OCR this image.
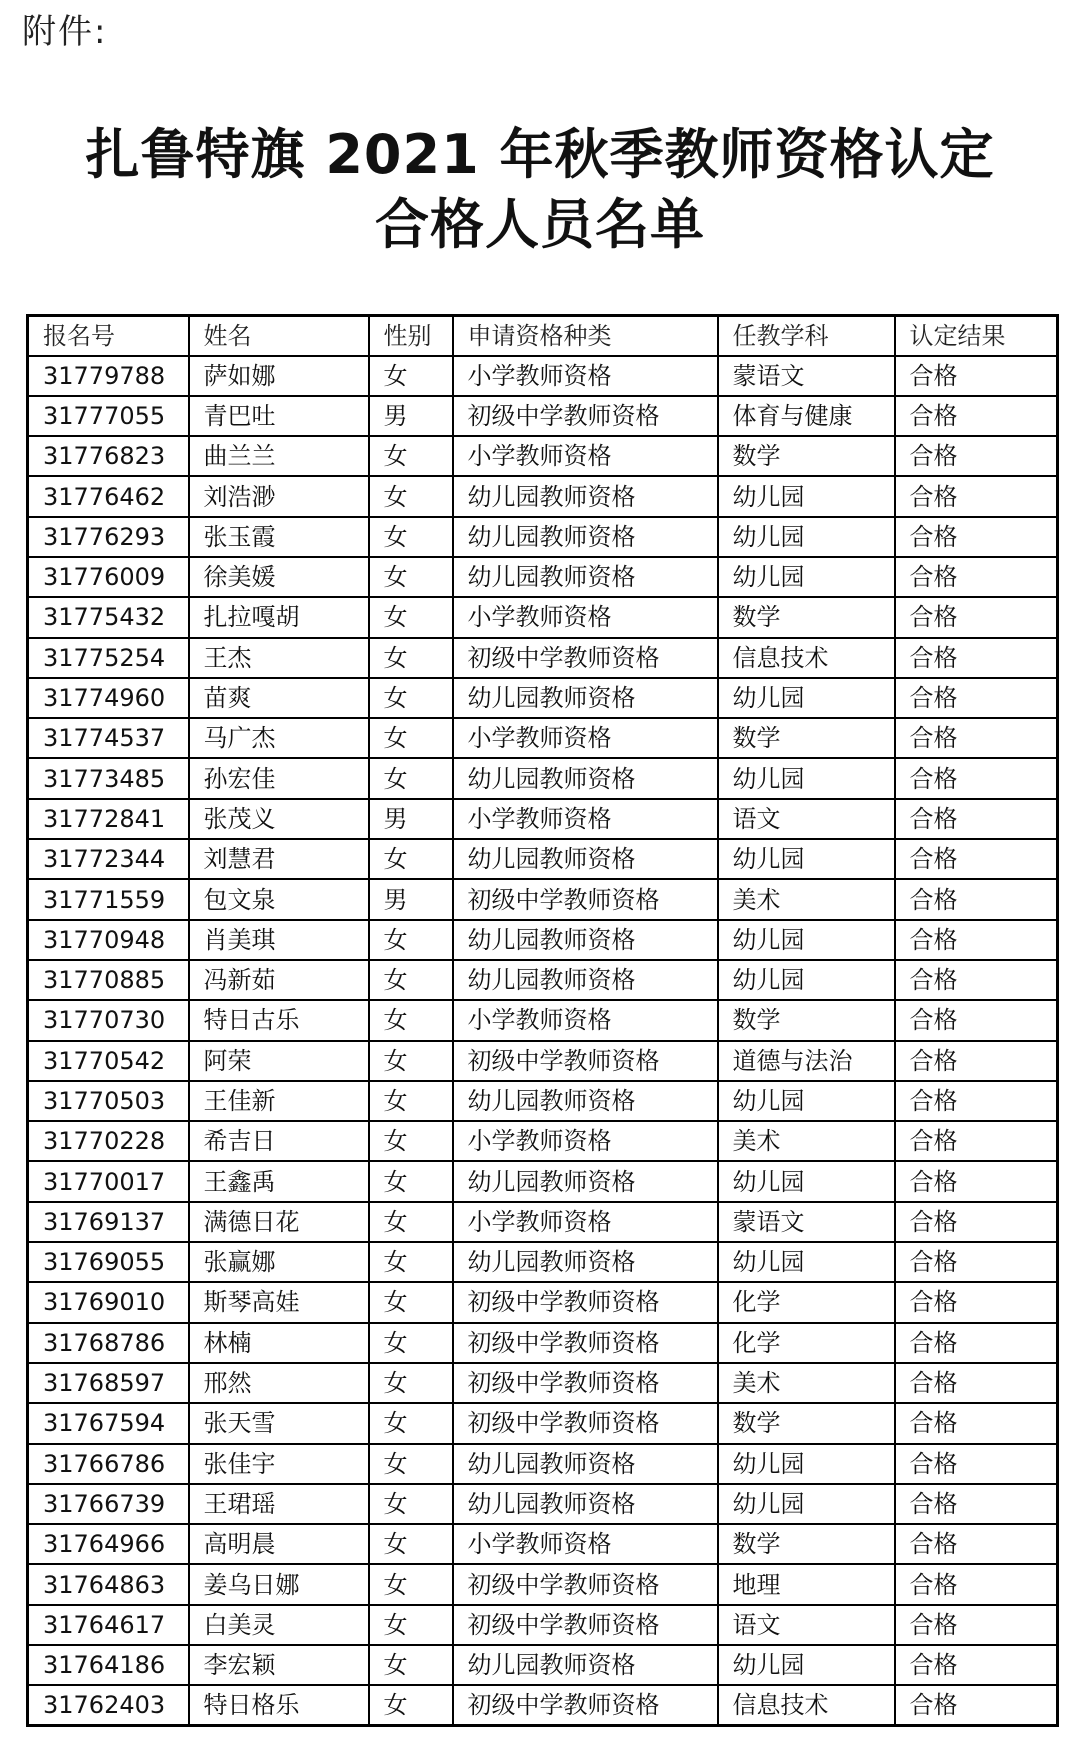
附件:
扎鲁特旗 2021 年秋季教师资格认定
合格人员名单
报名号	姓名	性别	申请资格种类	任教学科	认定结果
31779788	萨如娜	女	小学教师资格	蒙语文	合格
31777055	青巴吐	男	初级中学教师资格	体育与健康	合格
31776823	曲兰兰	女	小学教师资格	数学	合格
31776462	刘浩渺	女	幼儿园教师资格	幼儿园	合格
31776293	张玉霞	女	幼儿园教师资格	幼儿园	合格
31776009	徐美媛	女	幼儿园教师资格	幼儿园	合格
31775432	扎拉嘎胡	女	小学教师资格	数学	合格
31775254	王杰	女	初级中学教师资格	信息技术	合格
31774960	苗爽	女	幼儿园教师资格	幼儿园	合格
31774537	马广杰	女	小学教师资格	数学	合格
31773485	孙宏佳	女	幼儿园教师资格	幼儿园	合格
31772841	张茂义	男	小学教师资格	语文	合格
31772344	刘慧君	女	幼儿园教师资格	幼儿园	合格
31771559	包文泉	男	初级中学教师资格	美术	合格
31770948	肖美琪	女	幼儿园教师资格	幼儿园	合格
31770885	冯新茹	女	幼儿园教师资格	幼儿园	合格
31770730	特日古乐	女	小学教师资格	数学	合格
31770542	阿荣	女	初级中学教师资格	道德与法治	合格
31770503	王佳新	女	幼儿园教师资格	幼儿园	合格
31770228	希吉日	女	小学教师资格	美术	合格
31770017	王鑫禹	女	幼儿园教师资格	幼儿园	合格
31769137	满德日花	女	小学教师资格	蒙语文	合格
31769055	张赢娜	女	幼儿园教师资格	幼儿园	合格
31769010	斯琴高娃	女	初级中学教师资格	化学	合格
31768786	林楠	女	初级中学教师资格	化学	合格
31768597	邢然	女	初级中学教师资格	美术	合格
31767594	张天雪	女	初级中学教师资格	数学	合格
31766786	张佳宇	女	幼儿园教师资格	幼儿园	合格
31766739	王珺瑶	女	幼儿园教师资格	幼儿园	合格
31764966	高明晨	女	小学教师资格	数学	合格
31764863	姜乌日娜	女	初级中学教师资格	地理	合格
31764617	白美灵	女	初级中学教师资格	语文	合格
31764186	李宏颖	女	幼儿园教师资格	幼儿园	合格
31762403	特日格乐	女	初级中学教师资格	信息技术	合格
